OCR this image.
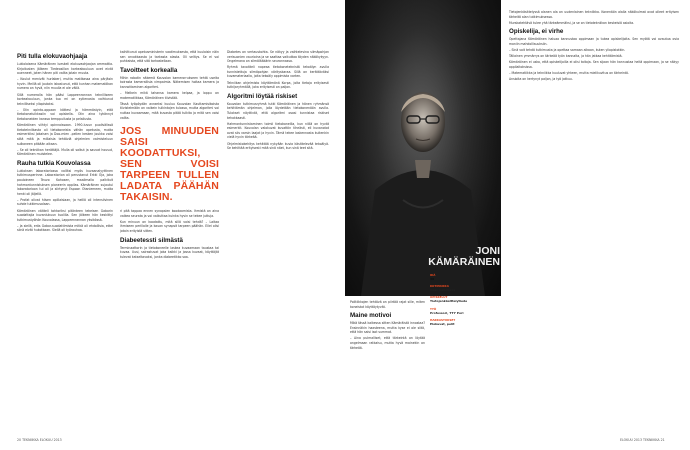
Piti tulla elokuvaohjaaja

Lukiolaisena Kämäräinen lueskeli elokuvaohjaajan ammattia. Kirjoitusten jälkeen Tiedeosillon korkeakouluun ovet eivät auenneet, joten hänen piti valita jotain muuta.

– Koulut menivät hurlaberi, mutta matikassa aina pärjäsin hyvin. Meillä oli joutain iskostunut, että kunhan matematiikan numero on hyvä, niin muulla ei ole väliä.

Sillä numerolla hän pääsi Lappeenrannan teknilliseen korkeakouluun, jonka tuo mi on sytienosta vaihtunut teknilliseksi yliopistoksi.

– Olin opinto-oppaan kättesi ja hämmästyin, että tietokoneluikkasiin voi opiskella. Olin aina tykännyt tietokoneiden kanssa temppuilusta ja pelailusta.

Kämäräinen viihtyi opinnoissaan. 1990-luvun puolivälissä tietotekniikasta oli tietokoneista vähän opetusta, mutta esimerkiksi Jokaisen ja Doo-mien -pelien kesken joukko voisi siitä mitä ja millaisia tehtäviä ohjelmien valmisteluun sulkaneen pitkään aikaan.

– Se oli tekniikan herättäjä. Mulla oli salkut ja sauvat housut, Kämäräinen muistelee.

Rauha tutkia Kouvolassa

Lukioksen laboratoriossa vallitsi myös kuvaanalyyttinen tutkimusperinne. Laboratorion oli perustanut Erkki Oja, joka pauloineen Teuvo Kohosen, maailmalla palkituit hahmontunnistuksen pioneerin oppilas. Kämäräinen sujautui laboratorioon tui oli ja siirtynyt Espoon Otaniemeen, mutta henki oli jäljellä.

– Profat olivat hiisen opillaisiaan, ja heillä oli intensiivinen suhde tutkimusalaan.

Kämäräinen väitteli tohtoriksi pitänteen tekeisen Gaborin suodattajia kuvanlukuun tuolilla. Sen jälkeen hän keskittyi tutkimustyöhön Kouvolassa, Lappeenrannan yksikössä.

– Ja siellä, eräs Gabor-suodattimista mitkä oli ehdollisia, ettei siinä eivät hukotkaan. Siellä oli työrauhaa.

kaihittunut opetusministerin vaatimuksesta, että kuulaisin näin sen arvokkaasta ja tarkasta alasta. Oli selitys. Se ei voi puhkaista, että sitä tarkastellaan.

Tavoitteet korkealla

Mihin robotin näkemä Kouvolan kamerorrukseen tehtä useita koirasta kamerallisia vimpaimia. Näkemisen hoitaa kamera ja kannottaminen algoritmi.

– Melkein mikä tahansa kamera kelpaa, ja loppu on matematiikkaa, Kämäräinen tiivistää.

Tässä työpöydän avraeksi kuuluu Kouvolan Kauttamisikoista tiivistelmään on vaikein tulkintojen tulossa, mutta algoritmi voi nuttaa kuvaamaan, mitä kuvasta pitää tulkita ja mitä sen voisi valita.

JOS MINUUDEN SAISI KOODATTUKSI, SEN VOISI TARPEEN TULLEN LADATA PÄÄHÄN TAKAISIN.

ri pitä tappaa ennen synapsien koodaamista. Ihmistä on aina vaikea seurata ja voi vaikuttaa kuinka hyvin se tekee juttuja.

Kun minuun on koodattu, mitä sillä voisi tehdä? – Laitaa ihmiseen perillalle ja kauan synapsit tarpeen päähän. Ellei olisi jotain erityistä sitten.

Diabeetessti silmästä

Terminaattorin ja tietokoneelle laskea kuvaamaan taustaa tai kuvaa. Uusi, sairastuvat joka kaikki ja jossa kuvaat, käyttäjät tulevat katseltavaksi, jonka diabeetikko saa.

Diabetes on vertauskohta. Se näkyy ja vaihtelevina silmäpohjan verisuonien vaurioina ja se saattaa vaikuttaa täyden näkökykyyn. Ongelmana on silmälääkärin seurannassa.

Ryhmä tavoitteli nopeaa tietokoneteknistä tekoälyn avulla tunnistettuja silmäpohjan värityskaraa. Sillä on kerättäväksi kuvamateriaalia, joita tekoäly oppimista varten.

Tekniikan ohjelmisto käyttämänä Korpa, jolta tietoja erityisesti tutkijaryhmällä, joka erityisesti on paljon.

Algoritmi löytää riskiset

Kouvolan tutkimusryhmä tutki Kämäräinen ja hänen ryhmänsä kehittämän ohjelman, jolla löydetään tietokonenäön avulla. Tulokset näyttivät, että algoritmi osasi tunnistaa riskiset tehokkaasti.

Hahmontunnistaminen toimii tietokoneilla, kun niillä on hyvät esimerkit. Kouvolan valokuvat kuvattiin tiheästi, eli kuvanotot ovat siis varsin laajat ja hyvin. Tämä tekee laskennasta kuitenkin vielä hyvin tärkeää.

Ohjelmistokehitys kehittää nykyään kuvia käsittelevää tekoälyä. Se kehittää erityisesti mitä sinä näet, kun sinä teet sitä.

20 TEKNIIKKA ELOKUU 2013
JONI
KÄMÄRÄINEN
IKÄ
38
KOTIPAIKKA
Asuu Lahdessa
OPISKELUT
Tietojenkäsittelytiede
TYÖ
Professori, TTY Pori
HARRASTUKSET
Elokuvat, pelit

Politiikkojen tehtävä on piirtää rajat sille, miten koneistot käyttäytyvät.

Maine motivoi

Mikä tässä kaikessa sitten Kämäräistä innostaa? Ensinnäkin haasteena, mutta kyse ei ole siitä, että hän saisi isot summat.

– Aina pulmalliset, että tärkeintä on löytää ongelmaan ratkaisu, mutta hyvä mainekin on tärkeää.

Tietojenkäsittelyssä alanen ala on uudenlainen tekniikka. Konenäön alalla näkökulmat ovat olleet erityisen tärkeitä alan tutkimuksessa.

Murskatehtävä tulee yhä tärkeämmäksi, ja se on tietotekniikan keskeisiä asioita.

Opiskelija, ei virhe

Opettajana Kämäräinen haluaa kannustaa oppimaan ja tukea opiskelijoita. Sen myötä voi avautua ovia moniin mahdollisuuksiin.

– Sinä voit tehdä tutkimusta ja opettaa samaan aikaan, kuten yliopistotkin.

Tällainen ymmärrys on tärkeää työn kannalta, ja hän jatkaa kehittämistä.

Kämäräinen ei usko, että opiskelijoilla ei olisi taitoja. Sen sijaan hän kannustaa heitä oppimaan, ja se näkyy oppilaitoksissa.

– Matematiikka ja tekniikka kuuluvat yhteen, mutta mielikuvitus on tärkeintä.

Ansioita on kertynyt paljon, ja työ jatkuu.

ELOKUU 2013 TEKNIIKKA 21
